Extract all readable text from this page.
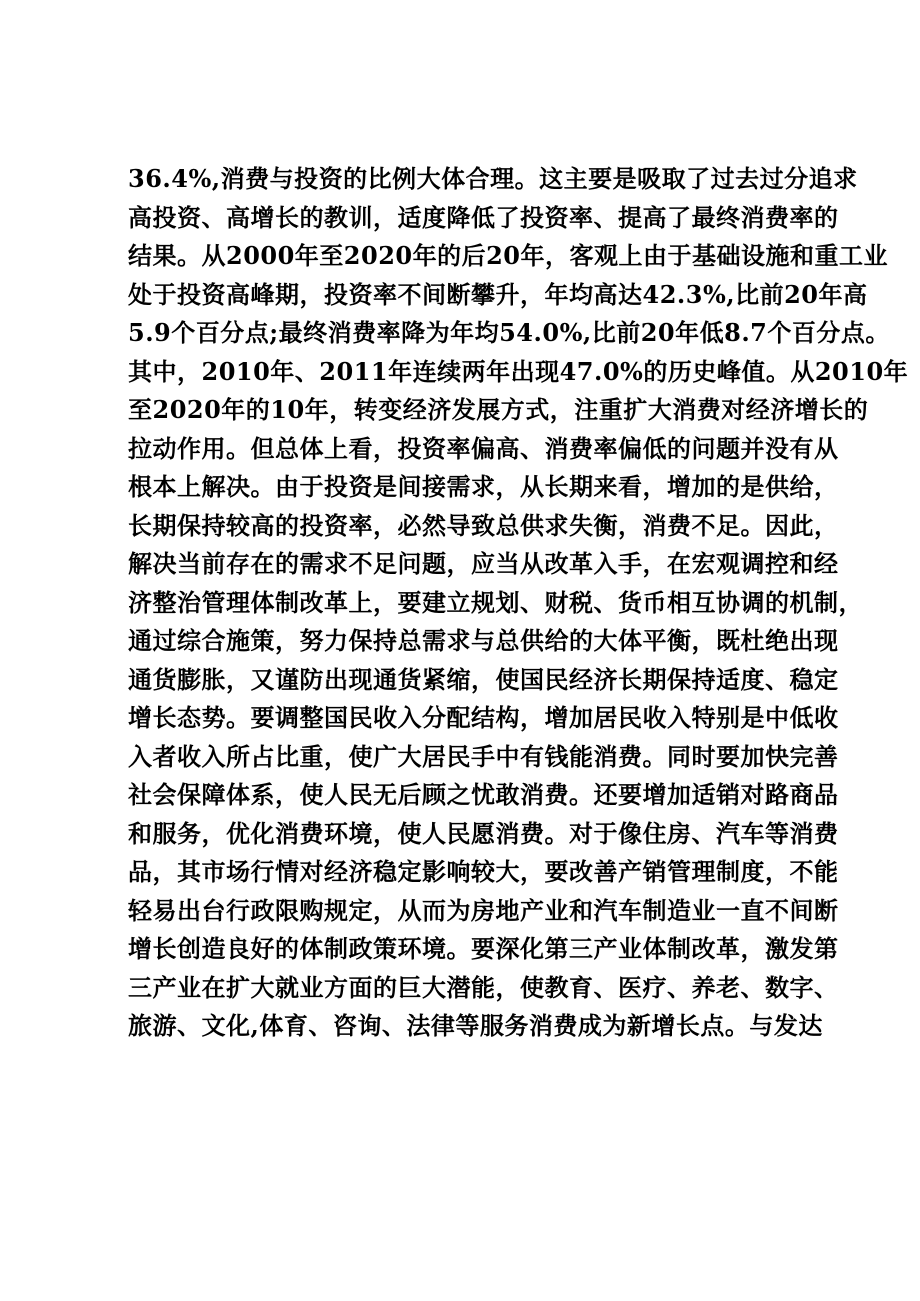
36.4%,消费与投资的比例大体合理。这主要是吸取了过去过分追求
高投资、高增长的教训，适度降低了投资率、提高了最终消费率的
结果。从2000年至2020年的后20年，客观上由于基础设施和重工业
处于投资高峰期，投资率不间断攀升，年均高达42.3%,比前20年高
5.9个百分点;最终消费率降为年均54.0%,比前20年低8.7个百分点。
其中，2010年、2011年连续两年出现47.0%的历史峰值。从2010年
至2020年的10年，转变经济发展方式，注重扩大消费对经济增长的
拉动作用。但总体上看，投资率偏高、消费率偏低的问题并没有从
根本上解决。由于投资是间接需求，从长期来看，增加的是供给，
长期保持较高的投资率，必然导致总供求失衡，消费不足。因此，
解决当前存在的需求不足问题，应当从改革入手，在宏观调控和经
济整治管理体制改革上，要建立规划、财税、货币相互协调的机制，
通过综合施策，努力保持总需求与总供给的大体平衡，既杜绝出现
通货膨胀，又谨防出现通货紧缩，使国民经济长期保持适度、稳定
增长态势。要调整国民收入分配结构，增加居民收入特别是中低收
入者收入所占比重，使广大居民手中有钱能消费。同时要加快完善
社会保障体系，使人民无后顾之忧敢消费。还要增加适销对路商品
和服务，优化消费环境，使人民愿消费。对于像住房、汽车等消费
品，其市场行情对经济稳定影响较大，要改善产销管理制度，不能
轻易出台行政限购规定，从而为房地产业和汽车制造业一直不间断
增长创造良好的体制政策环境。要深化第三产业体制改革，激发第
三产业在扩大就业方面的巨大潜能，使教育、医疗、养老、数字、
旅游、文化,体育、咨询、法律等服务消费成为新增长点。与发达
